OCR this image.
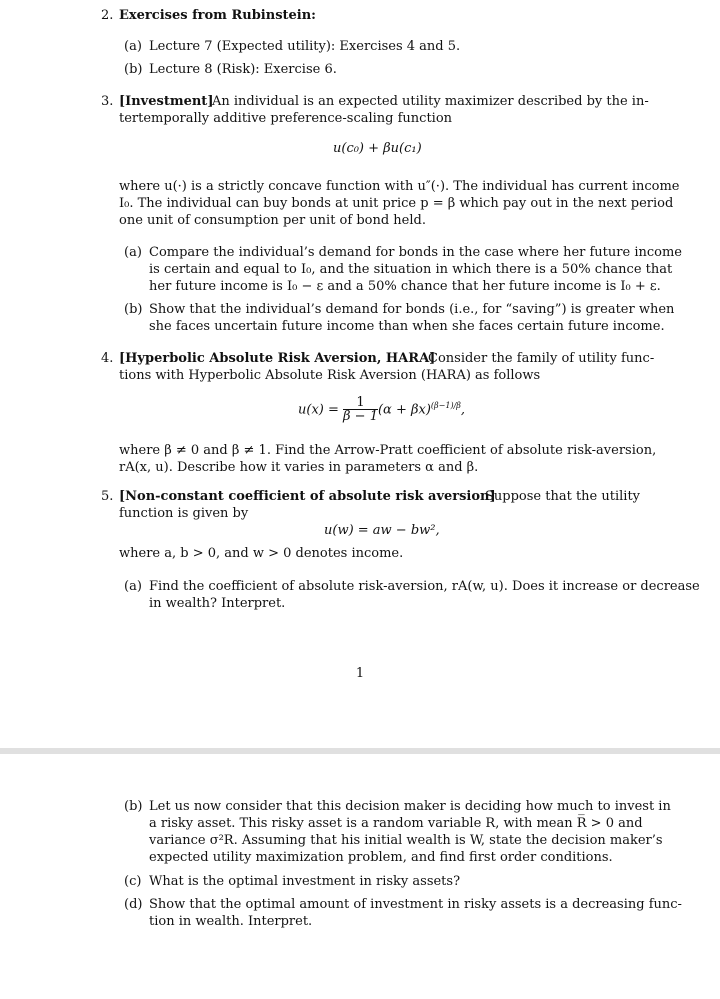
2. Exercises from Rubinstein:
(a) Lecture 7 (Expected utility): Exercises 4 and 5.
(b) Lecture 8 (Risk): Exercise 6.
3. [Investment]
An individual is an expected utility maximizer described by the in-
tertemporally additive preference-scaling function
u(c₀) + βu(c₁)
where u(·) is a strictly concave function with u″(·). The individual has current income
I₀. The individual can buy bonds at unit price p = β which pay out in the next period
one unit of consumption per unit of bond held.
(a) Compare the individual’s demand for bonds in the case where her future income
is certain and equal to I₀, and the situation in which there is a 50% chance that
her future income is I₀ − ε and a 50% chance that her future income is I₀ + ε.
(b) Show that the individual’s demand for bonds (i.e., for “saving”) is greater when
she faces uncertain future income than when she faces certain future income.
4. [Hyperbolic Absolute Risk Aversion, HARA]
Consider the family of utility func-
tions with Hyperbolic Absolute Risk Aversion (HARA) as follows
$u(x) = \frac{1}{\beta - 1} (\alpha + \beta x)^{(\beta-1)/\beta}$,
where β ≠ 0 and β ≠ 1. Find the Arrow-Pratt coefficient of absolute risk-aversion,
rA(x, u). Describe how it varies in parameters α and β.
5. [Non-constant coefficient of absolute risk aversion]
Suppose that the utility
function is given by
u(w) = aw − bw²,
where a, b > 0, and w > 0 denotes income.
(a) Find the coefficient of absolute risk-aversion, rA(w, u). Does it increase or decrease
in wealth? Interpret.
1
(b) Let us now consider that this decision maker is deciding how much to invest in
a risky asset. This risky asset is a random variable R, with mean R̅ > 0 and
variance σ²R. Assuming that his initial wealth is W, state the decision maker’s
expected utility maximization problem, and find first order conditions.
(c) What is the optimal investment in risky assets?
(d) Show that the optimal amount of investment in risky assets is a decreasing func-
tion in wealth. Interpret.
